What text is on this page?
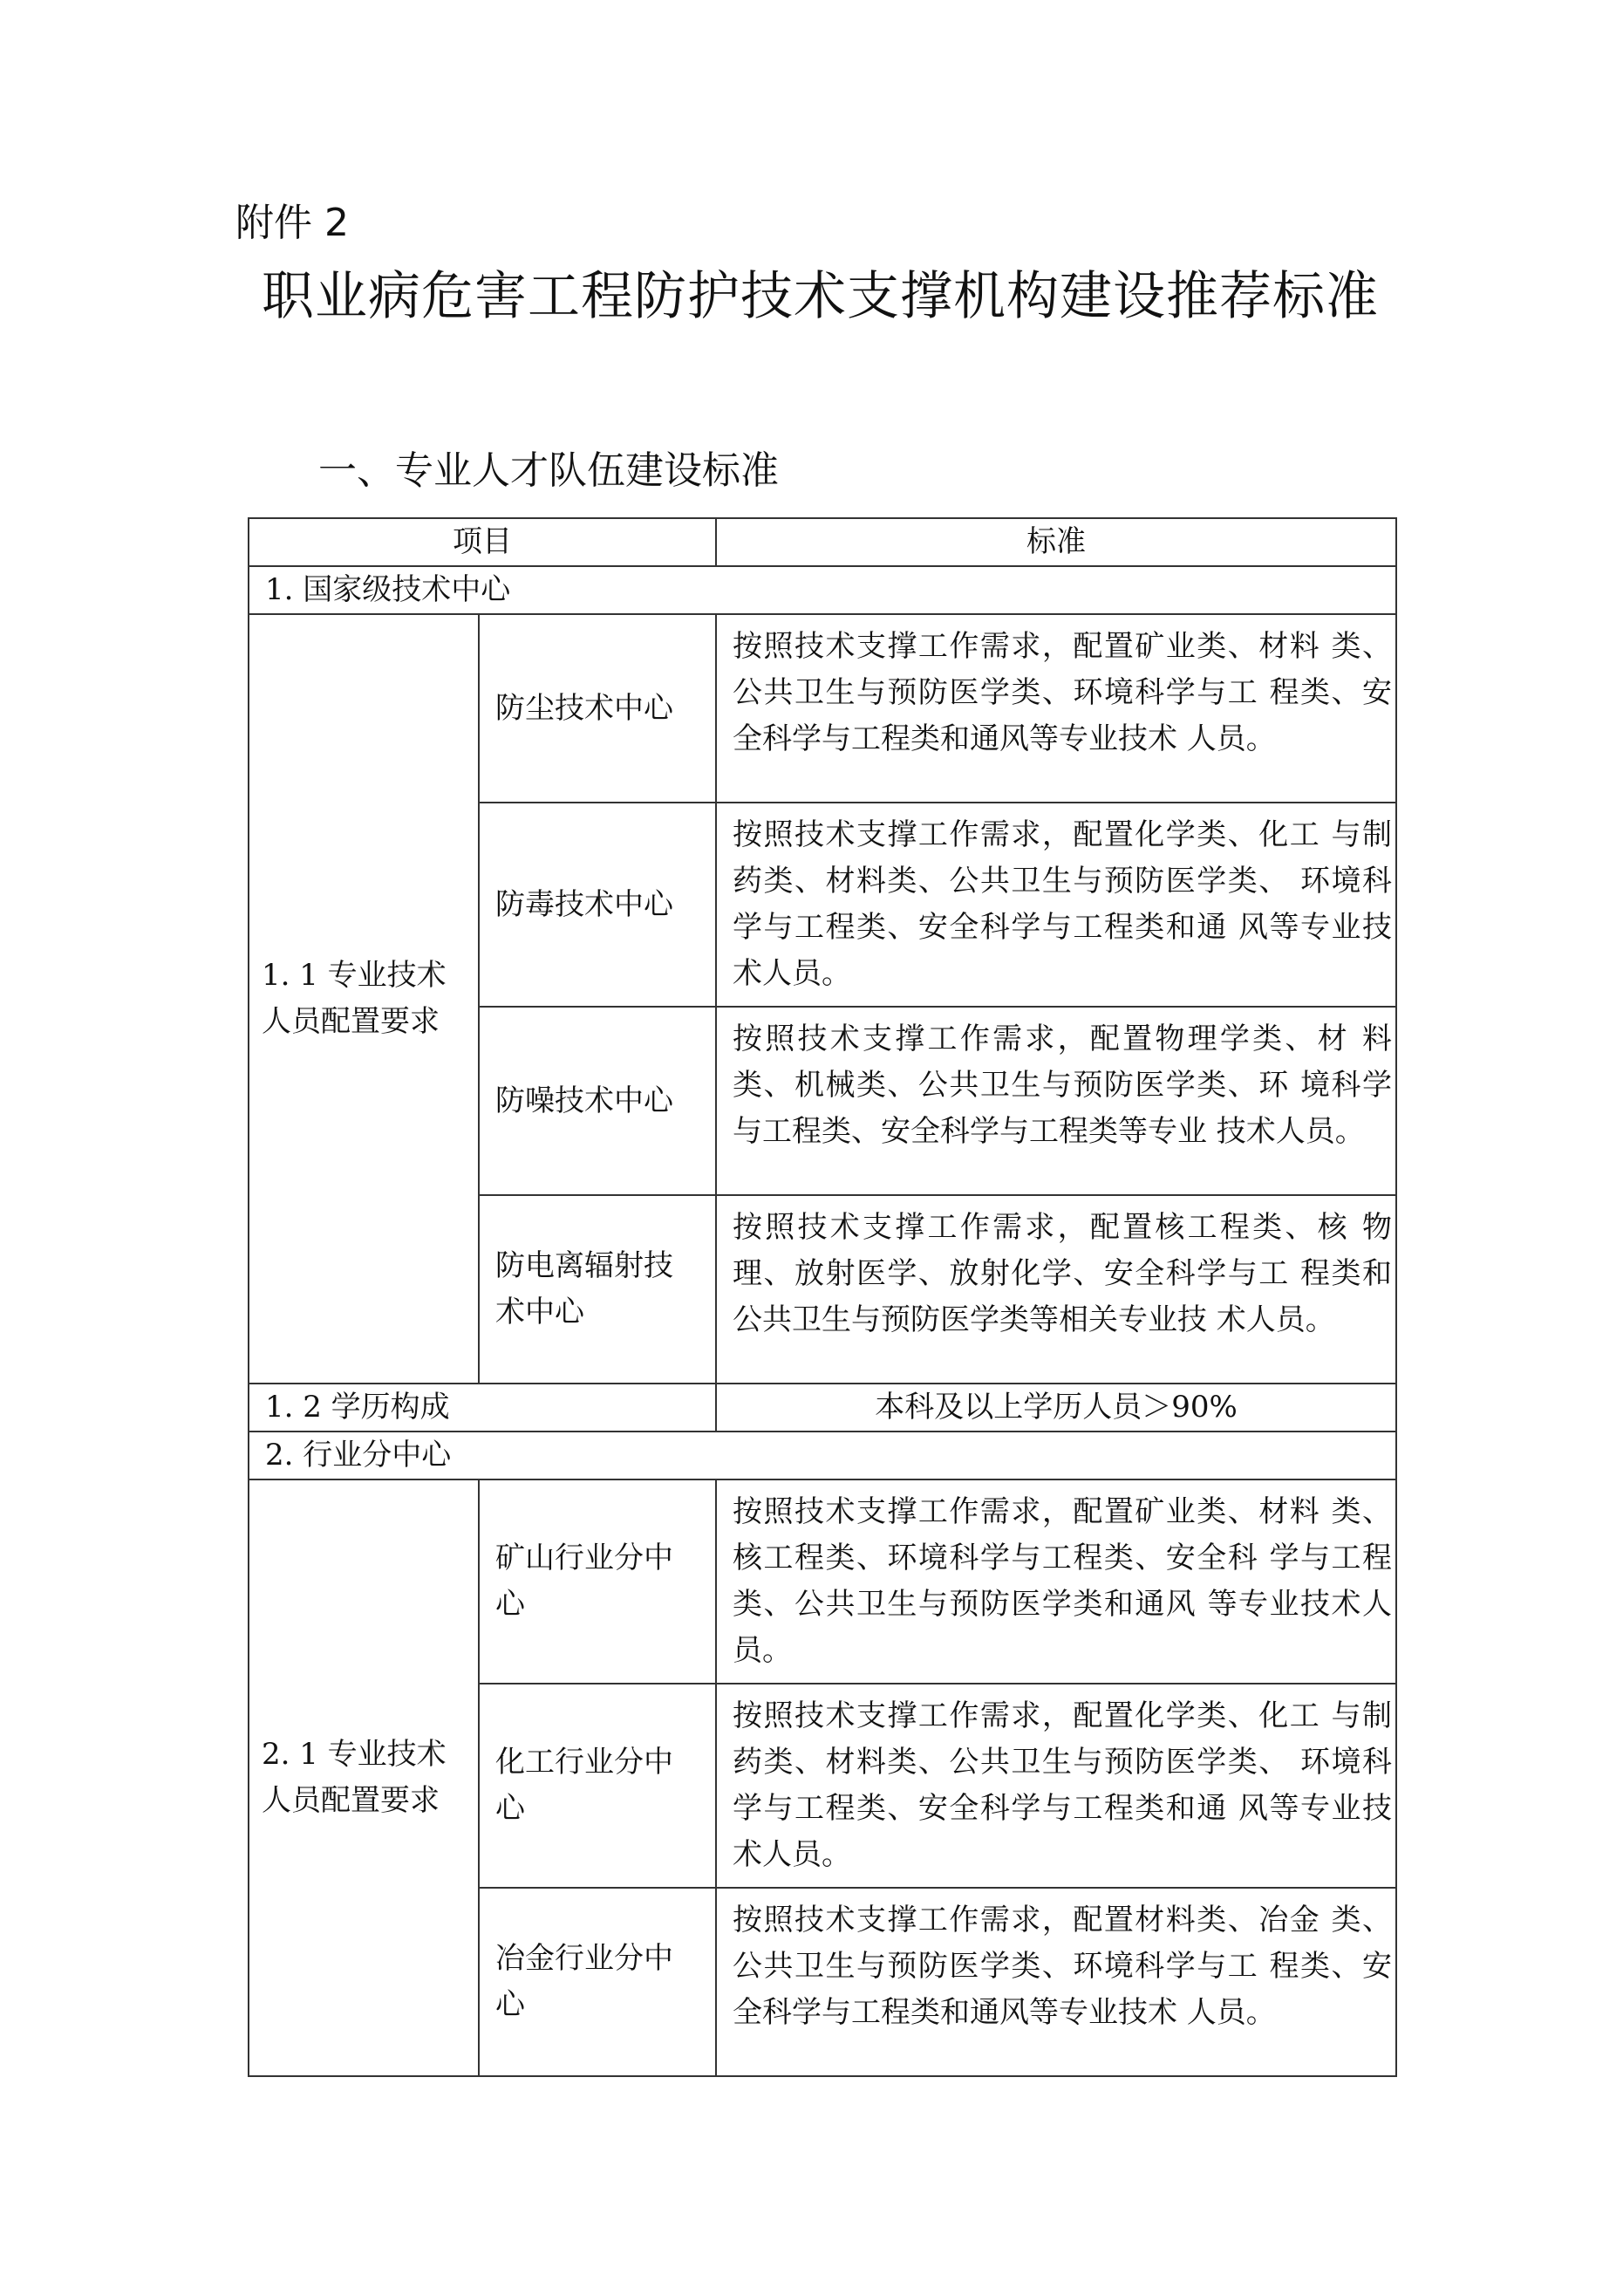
附件 2
职业病危害工程防护技术支撑机构建设推荐标准
一、专业人才队伍建设标准
项目		标准
1. 国家级技术中心		
1. 1 专业技术人员配置要求	防尘技术中心	按照技术支撑工作需求，配置矿业类、材料 类、公共卫生与预防医学类、环境科学与工 程类、安全科学与工程类和通风等专业技术 人员。
	防毒技术中心	按照技术支撑工作需求，配置化学类、化工 与制药类、材料类、公共卫生与预防医学类、 环境科学与工程类、安全科学与工程类和通 风等专业技术人员。
	防噪技术中心	按照技术支撑工作需求，配置物理学类、材 料类、机械类、公共卫生与预防医学类、环 境科学与工程类、安全科学与工程类等专业 技术人员。
	防电离辐射技术中心	按照技术支撑工作需求，配置核工程类、核 物理、放射医学、放射化学、安全科学与工 程类和公共卫生与预防医学类等相关专业技 术人员。
1. 2 学历构成		本科及以上学历人员＞90%
2. 行业分中心		
2. 1 专业技术人员配置要求	矿山行业分中心	按照技术支撑工作需求，配置矿业类、材料 类、核工程类、环境科学与工程类、安全科 学与工程类、公共卫生与预防医学类和通风 等专业技术人员。
	化工行业分中心	按照技术支撑工作需求，配置化学类、化工 与制药类、材料类、公共卫生与预防医学类、 环境科学与工程类、安全科学与工程类和通 风等专业技术人员。
	冶金行业分中心	按照技术支撑工作需求，配置材料类、冶金 类、公共卫生与预防医学类、环境科学与工 程类、安全科学与工程类和通风等专业技术 人员。
